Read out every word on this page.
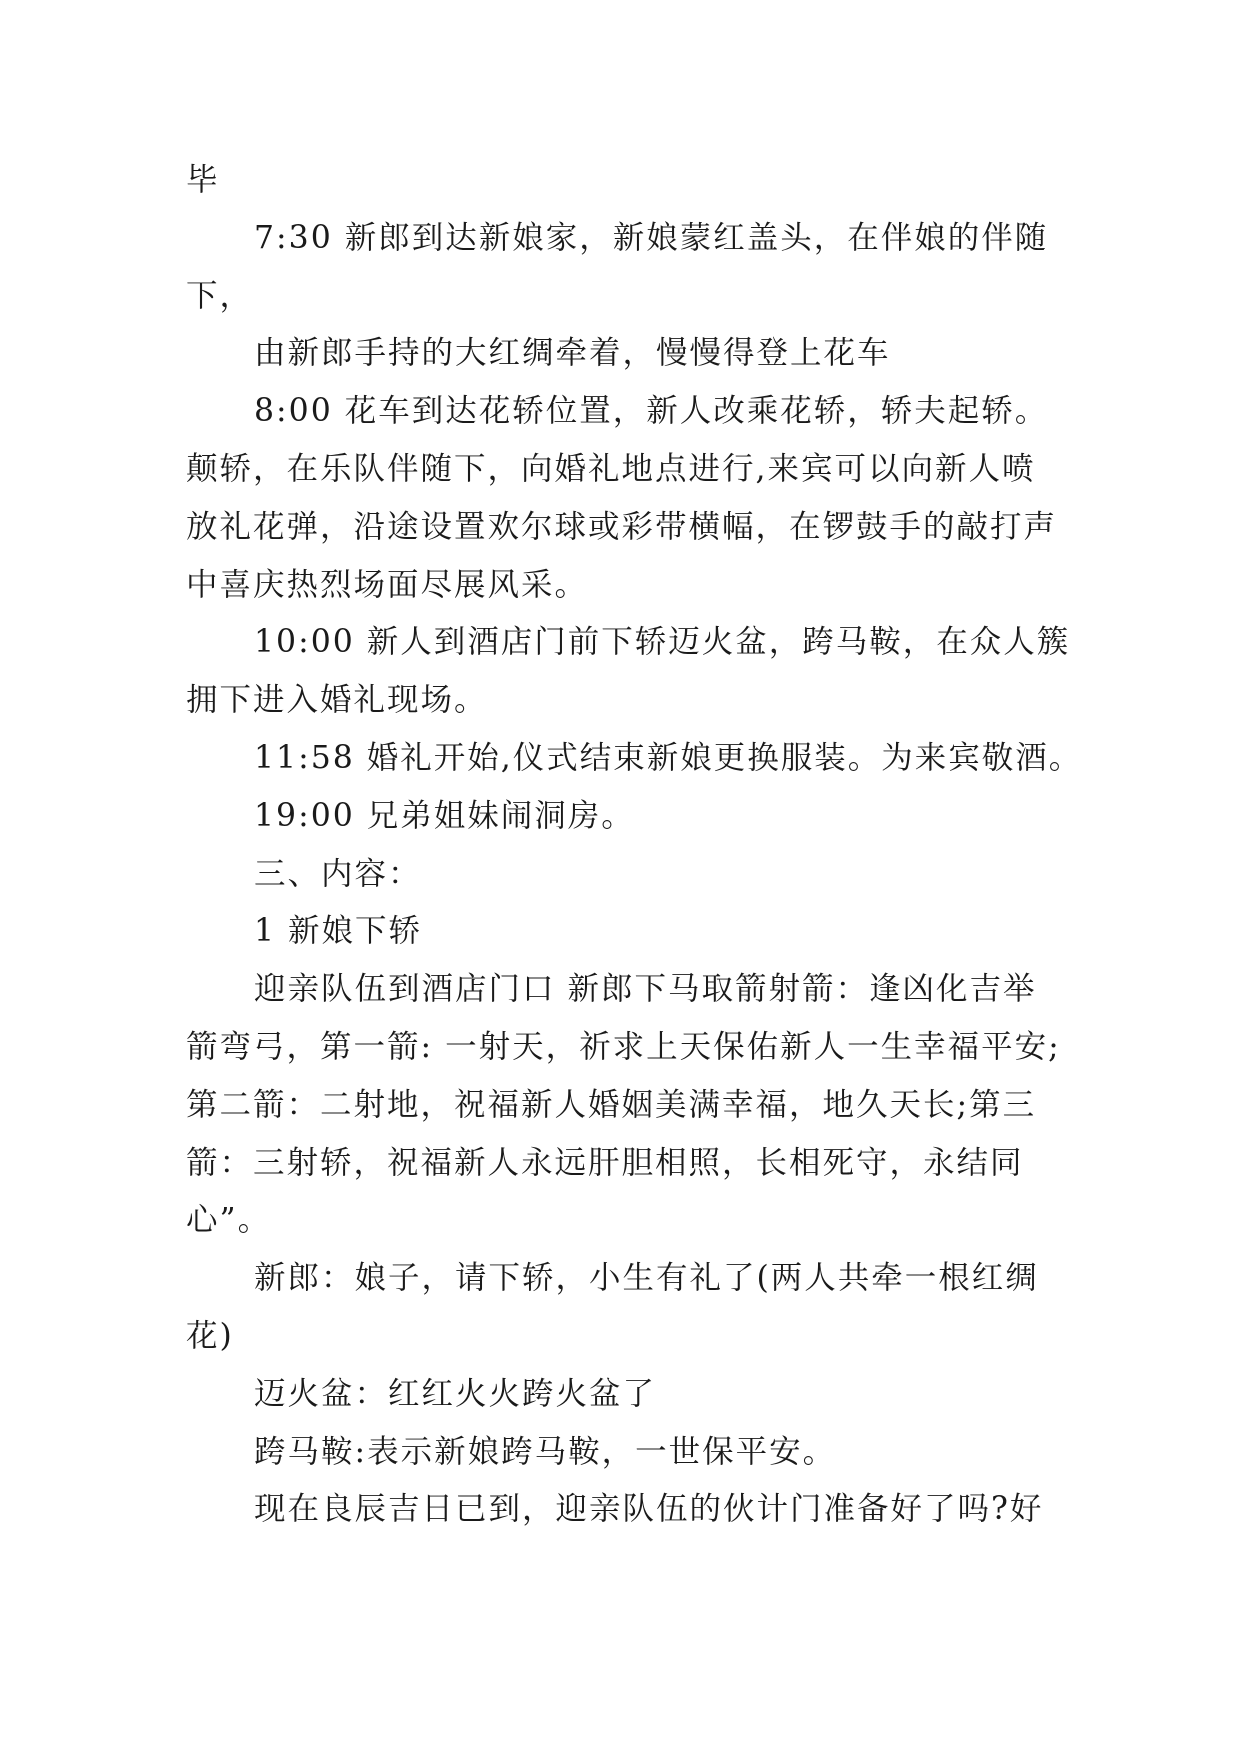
毕
7:30 新郎到达新娘家，新娘蒙红盖头，在伴娘的伴随
下，
由新郎手持的大红绸牵着，慢慢得登上花车
8:00 花车到达花轿位置，新人改乘花轿，轿夫起轿。
颠轿，在乐队伴随下，向婚礼地点进行,来宾可以向新人喷
放礼花弹，沿途设置欢尔球或彩带横幅，在锣鼓手的敲打声
中喜庆热烈场面尽展风采。
10:00 新人到酒店门前下轿迈火盆，跨马鞍，在众人簇
拥下进入婚礼现场。
11:58 婚礼开始,仪式结束新娘更换服装。为来宾敬酒。
19:00 兄弟姐妹闹洞房。
三、内容：
1 新娘下轿
迎亲队伍到酒店门口 新郎下马取箭射箭：逢凶化吉举
箭弯弓，第一箭: 一射天，祈求上天保佑新人一生幸福平安;
第二箭：二射地，祝福新人婚姻美满幸福，地久天长;第三
箭：三射轿，祝福新人永远肝胆相照，长相死守，永结同
心”。
新郎：娘子，请下轿，小生有礼了(两人共牵一根红绸
花)
迈火盆：红红火火跨火盆了
跨马鞍:表示新娘跨马鞍，一世保平安。
现在良辰吉日已到，迎亲队伍的伙计门准备好了吗?好
